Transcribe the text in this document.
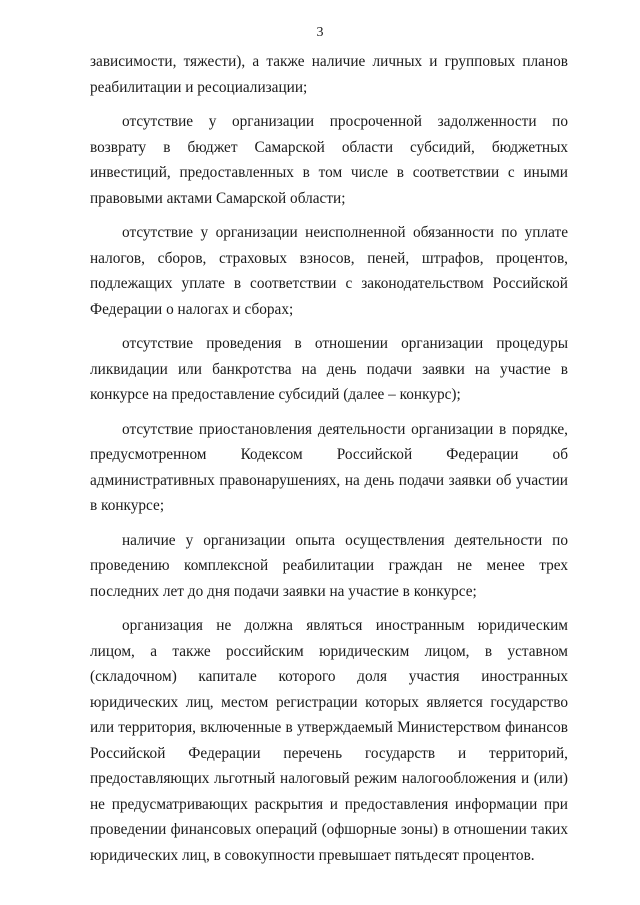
3

зависимости, тяжести), а также наличие личных и групповых планов реабилитации и ресоциализации;

отсутствие у организации просроченной задолженности по возврату в бюджет Самарской области субсидий, бюджетных инвестиций, предоставленных в том числе в соответствии с иными правовыми актами Самарской области;

отсутствие у организации неисполненной обязанности по уплате налогов, сборов, страховых взносов, пеней, штрафов, процентов, подлежащих уплате в соответствии с законодательством Российской Федерации о налогах и сборах;

отсутствие проведения в отношении организации процедуры ликвидации или банкротства на день подачи заявки на участие в конкурсе на предоставление субсидий (далее – конкурс);

отсутствие приостановления деятельности организации в порядке, предусмотренном Кодексом Российской Федерации об административных правонарушениях, на день подачи заявки об участии в конкурсе;

наличие у организации опыта осуществления деятельности по проведению комплексной реабилитации граждан не менее трех последних лет до дня подачи заявки на участие в конкурсе;

организация не должна являться иностранным юридическим лицом, а также российским юридическим лицом, в уставном (складочном) капитале которого доля участия иностранных юридических лиц, местом регистрации которых является государство или территория, включенные в утверждаемый Министерством финансов Российской Федерации перечень государств и территорий, предоставляющих льготный налоговый режим налогообложения и (или) не предусматривающих раскрытия и предоставления информации при проведении финансовых операций (офшорные зоны) в отношении таких юридических лиц, в совокупности превышает пятьдесят процентов.
